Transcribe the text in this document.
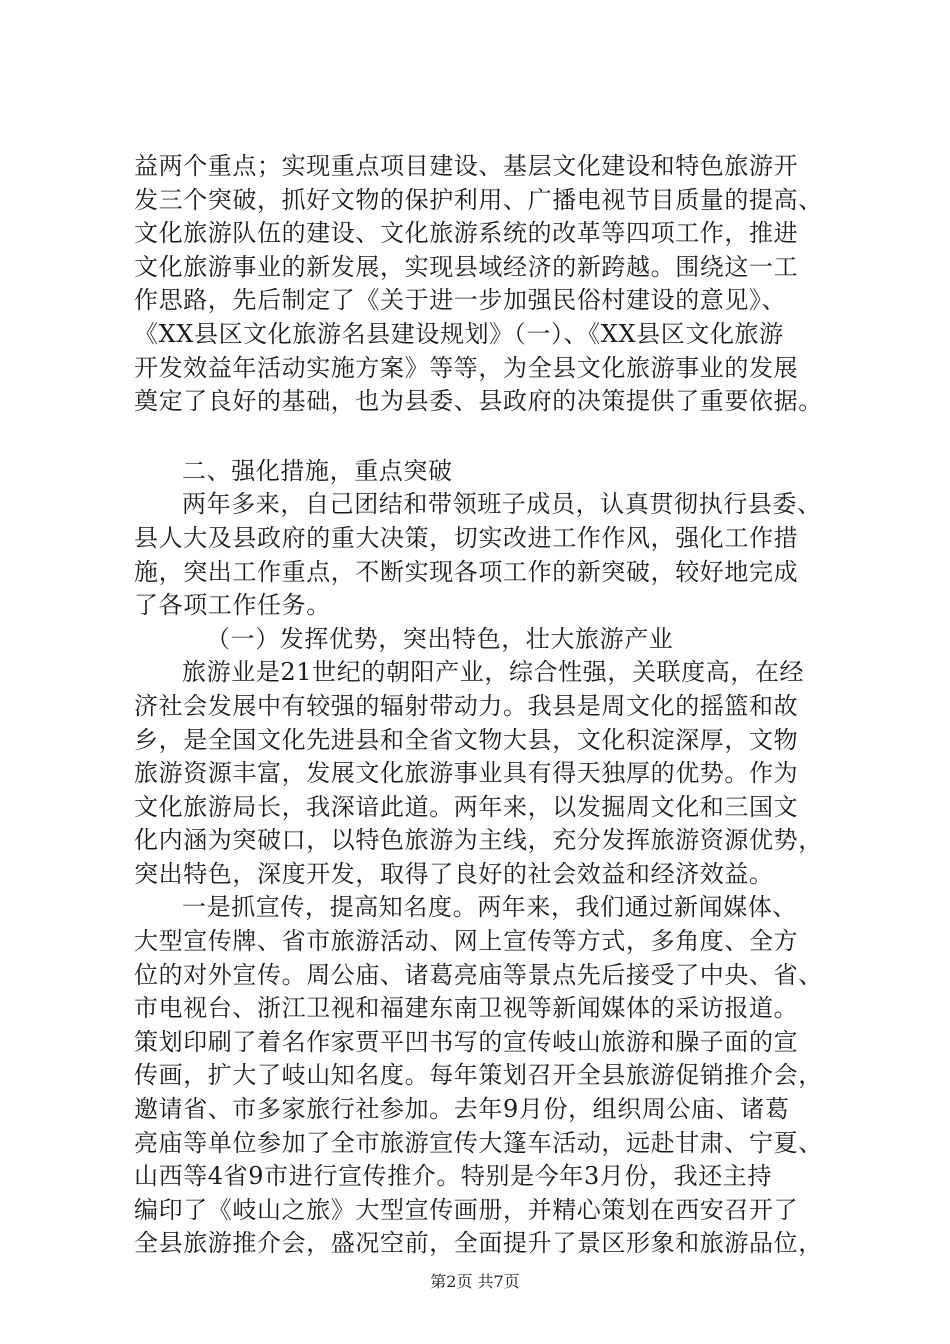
益两个重点；实现重点项目建设、基层文化建设和特色旅游开
发三个突破，抓好文物的保护利用、广播电视节目质量的提高、
文化旅游队伍的建设、文化旅游系统的改革等四项工作，推进
文化旅游事业的新发展，实现县域经济的新跨越。围绕这一工
作思路，先后制定了《关于进一步加强民俗村建设的意见》、
《XX县区文化旅游名县建设规划》（一）、《XX县区文化旅游
开发效益年活动实施方案》等等，为全县文化旅游事业的发展
奠定了良好的基础，也为县委、县政府的决策提供了重要依据。
二、强化措施，重点突破
两年多来，自己团结和带领班子成员，认真贯彻执行县委、
县人大及县政府的重大决策，切实改进工作作风，强化工作措
施，突出工作重点，不断实现各项工作的新突破，较好地完成
了各项工作任务。
（一）发挥优势，突出特色，壮大旅游产业
旅游业是21世纪的朝阳产业，综合性强，关联度高，在经
济社会发展中有较强的辐射带动力。我县是周文化的摇篮和故
乡，是全国文化先进县和全省文物大县，文化积淀深厚，文物
旅游资源丰富，发展文化旅游事业具有得天独厚的优势。作为
文化旅游局长，我深谙此道。两年来，以发掘周文化和三国文
化内涵为突破口，以特色旅游为主线，充分发挥旅游资源优势，
突出特色，深度开发，取得了良好的社会效益和经济效益。
一是抓宣传，提高知名度。两年来，我们通过新闻媒体、
大型宣传牌、省市旅游活动、网上宣传等方式，多角度、全方
位的对外宣传。周公庙、诸葛亮庙等景点先后接受了中央、省、
市电视台、浙江卫视和福建东南卫视等新闻媒体的采访报道。
策划印刷了着名作家贾平凹书写的宣传岐山旅游和臊子面的宣
传画，扩大了岐山知名度。每年策划召开全县旅游促销推介会，
邀请省、市多家旅行社参加。去年9月份，组织周公庙、诸葛
亮庙等单位参加了全市旅游宣传大篷车活动，远赴甘肃、宁夏、
山西等4省9市进行宣传推介。特别是今年3月份，我还主持
编印了《岐山之旅》大型宣传画册，并精心策划在西安召开了
全县旅游推介会，盛况空前，全面提升了景区形象和旅游品位，
第2页 共7页
